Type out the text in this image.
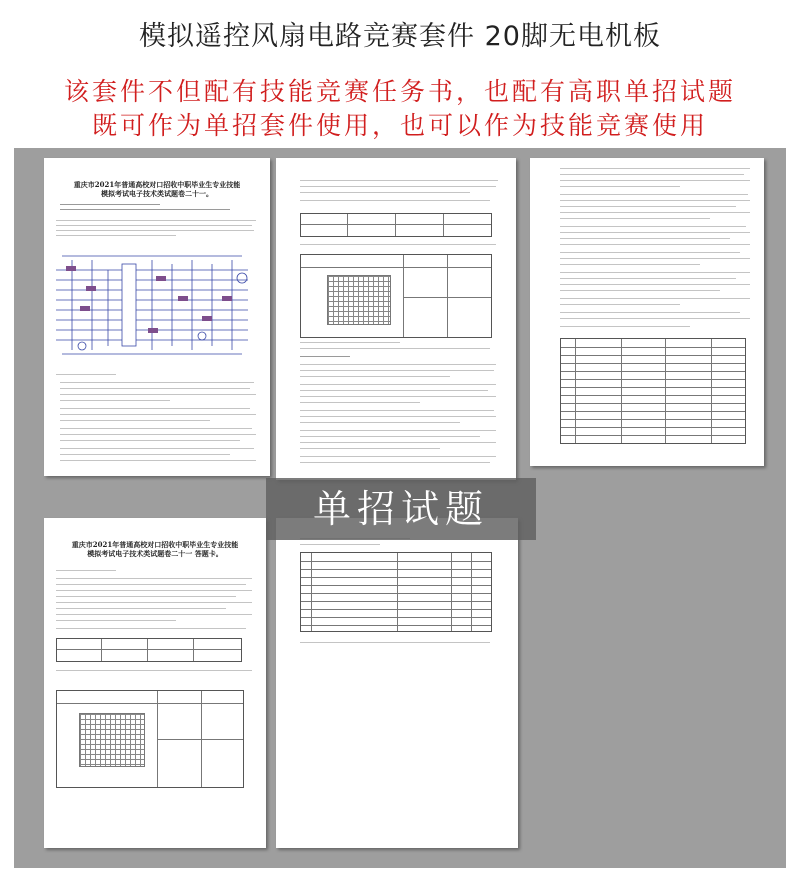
模拟遥控风扇电路竞赛套件 20脚无电机板
该套件不但配有技能竞赛任务书，也配有高职单招试题
既可作为单招套件使用，也可以作为技能竞赛使用
重庆市2021年普通高校对口招收中职毕业生专业技能
模拟考试电子技术类试题卷二十一。
重庆市2021年普通高校对口招收中职毕业生专业技能
模拟考试电子技术类试题卷二十一 答题卡。
单招试题
